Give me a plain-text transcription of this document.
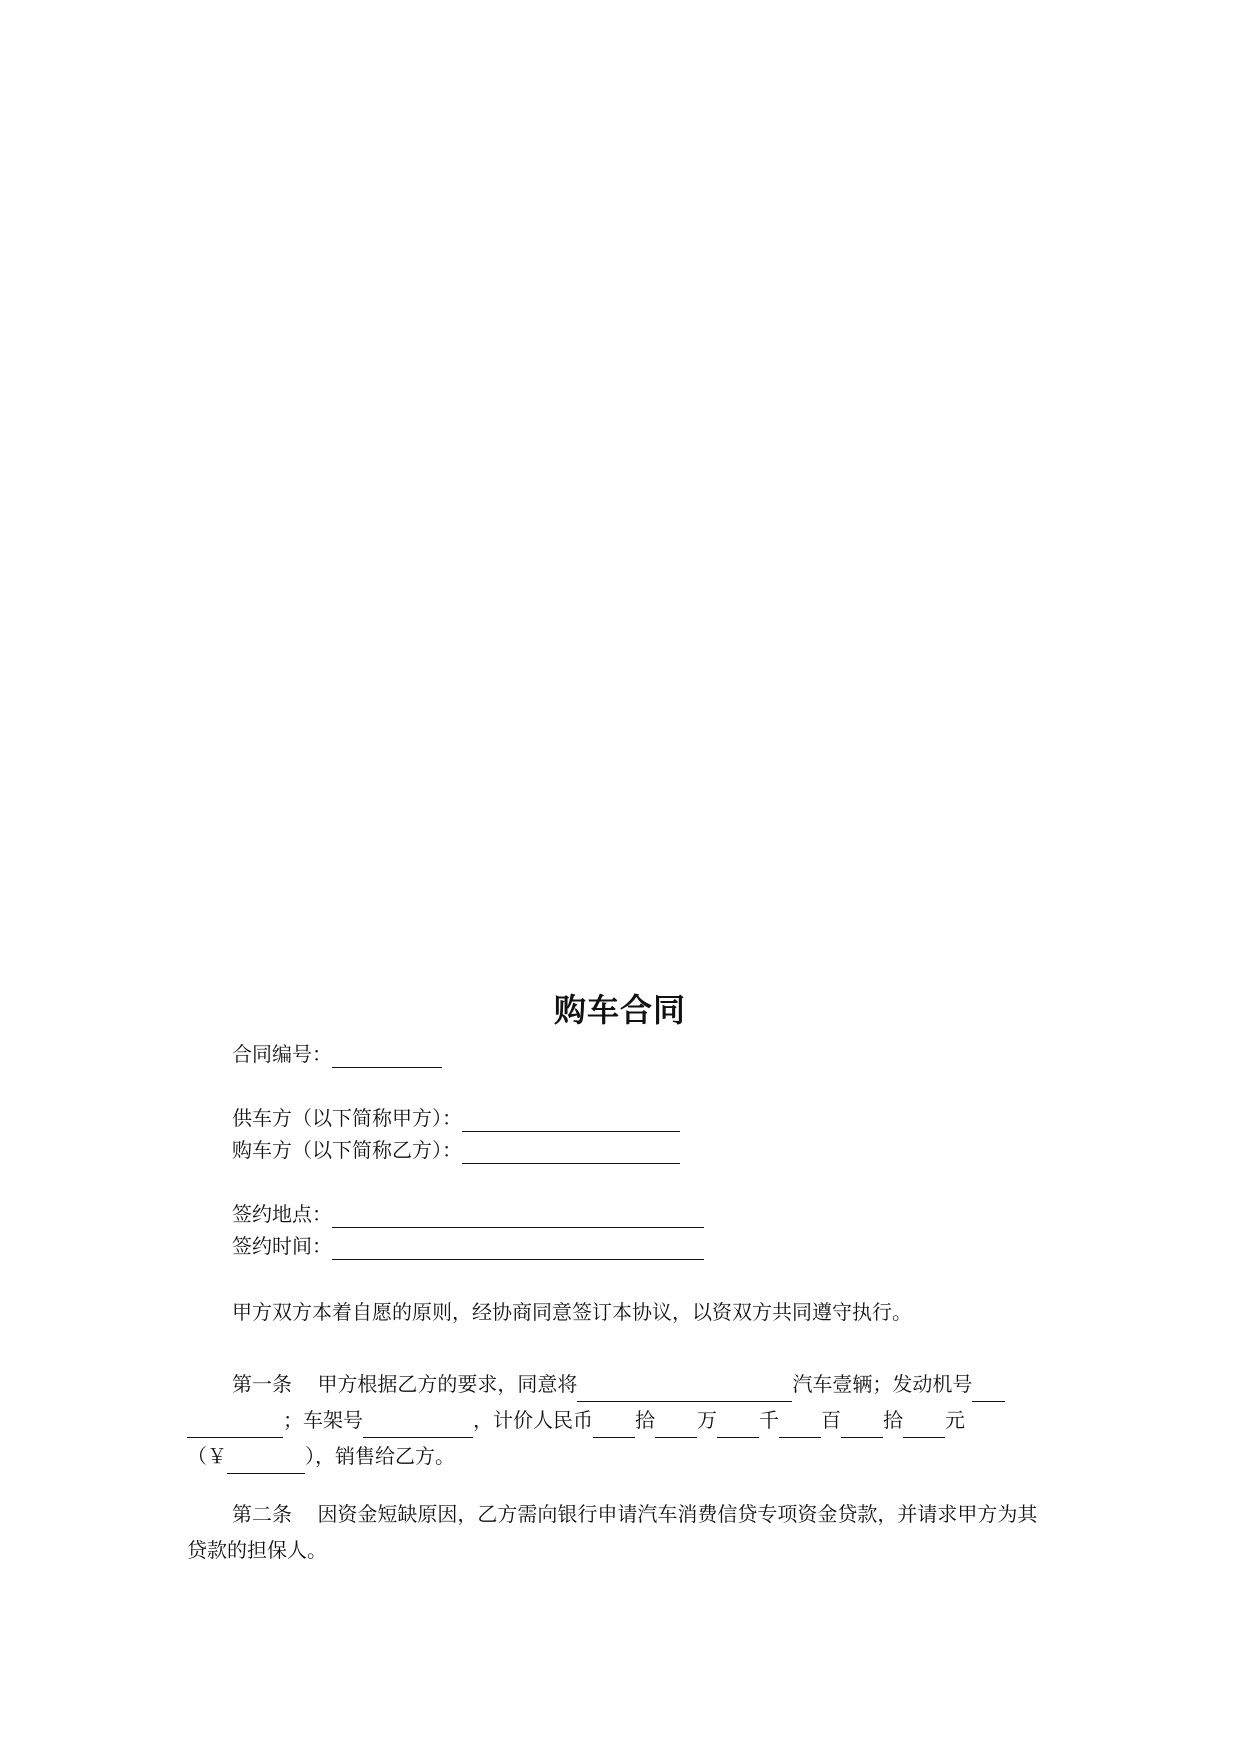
购车合同
合同编号：
供车方（以下简称甲方）：
购车方（以下简称乙方）：
签约地点：
签约时间：
甲方双方本着自愿的原则，经协商同意签订本协议，以资双方共同遵守执行。
第一条 甲方根据乙方的要求，同意将	汽车壹辆；发动机号
；车架号	，计价人民币 拾 万 千 百 拾 元
（￥	），销售给乙方。
第二条 因资金短缺原因，乙方需向银行申请汽车消费信贷专项资金贷款，并请求甲方为其贷款的担保人。
